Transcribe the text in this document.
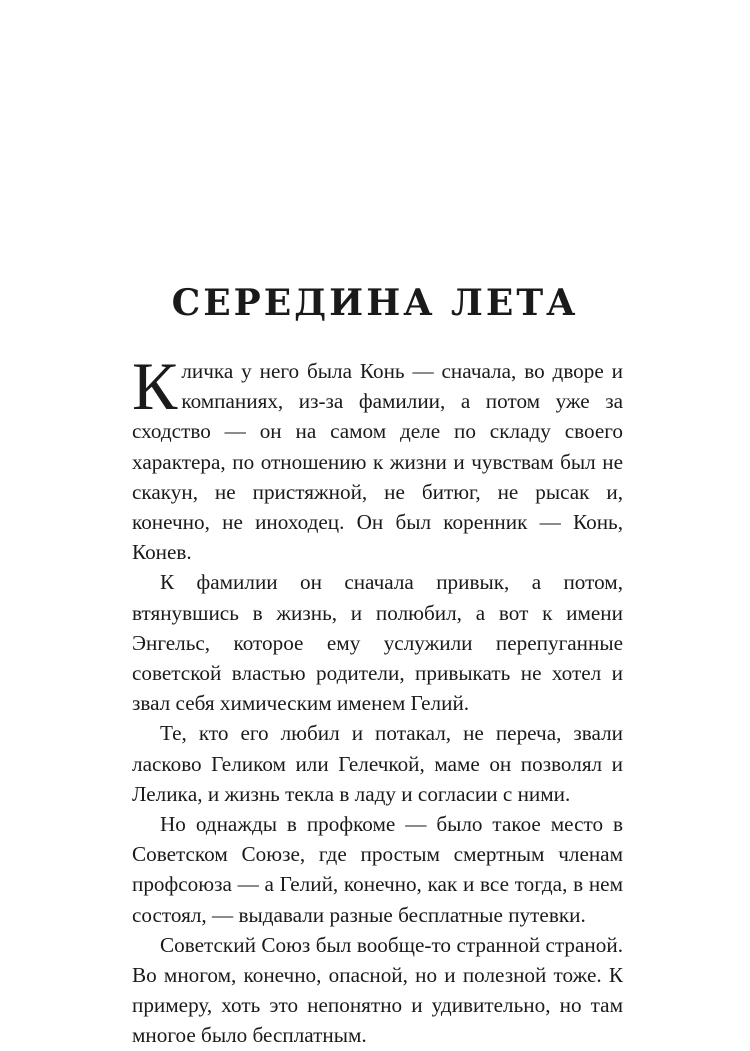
СЕРЕДИНА ЛЕТА

Кличка у него была Конь — сначала, во дворе и компаниях, из-за фамилии, а потом уже за сходство — он на самом деле по складу своего характера, по отношению к жизни и чувствам был не скакун, не пристяжной, не битюг, не рысак и, конечно, не иноходец. Он был коренник — Конь, Конев.

К фамилии он сначала привык, а потом, втянувшись в жизнь, и полюбил, а вот к имени Энгельс, которое ему услужили перепуганные советской властью родители, привыкать не хотел и звал себя химическим именем Гелий.

Те, кто его любил и потакал, не переча, звали ласково Геликом или Гелечкой, маме он позволял и Леликa, и жизнь текла в ладу и согласии с ними.

Но однажды в профкоме — было такое место в Советском Союзе, где простым смертным членам профсоюза — а Гелий, конечно, как и все тогда, в нем состоял, — выдавали разные бесплатные путевки.

Советский Союз был вообще-то странной страной. Во многом, конечно, опасной, но и полезной тоже. К примеру, хоть это непонятно и удивительно, но там многое было бесплатным.
